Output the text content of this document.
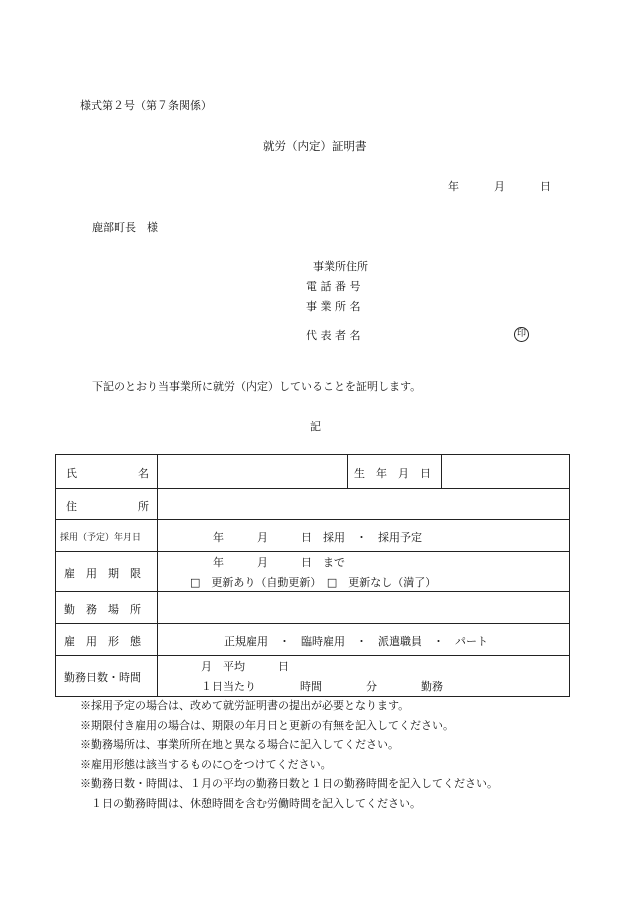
様式第２号（第７条関係）
就労（内定）証明書
年	月	日
鹿部町長　様
事業所住所
電 話 番 号
事 業 所 名
代 表 者 名	印
下記のとおり当事業所に就労（内定）していることを証明します。
記
氏 名		生　年　月　日	

住 所			

採用（予定）年月日	年　　　月　　　日　採用　・　採用予定		

雇　用　期　限	年　　　月　　　日　まで
□　更新あり（自動更新）　□　更新なし（満了）		

勤　務　場　所			

雇　用　形　態	正規雇用　・　臨時雇用　・　派遣職員　・　パート		

勤務日数・時間	月　平均　　　日
１日当たり　　　　時間　　　　分　　　　勤務		
※採用予定の場合は、改めて就労証明書の提出が必要となります。
※期限付き雇用の場合は、期限の年月日と更新の有無を記入してください。
※勤務場所は、事業所所在地と異なる場合に記入してください。
※雇用形態は該当するものに○をつけてください。
※勤務日数・時間は、１月の平均の勤務日数と１日の勤務時間を記入してください。
　１日の勤務時間は、休憩時間を含む労働時間を記入してください。
